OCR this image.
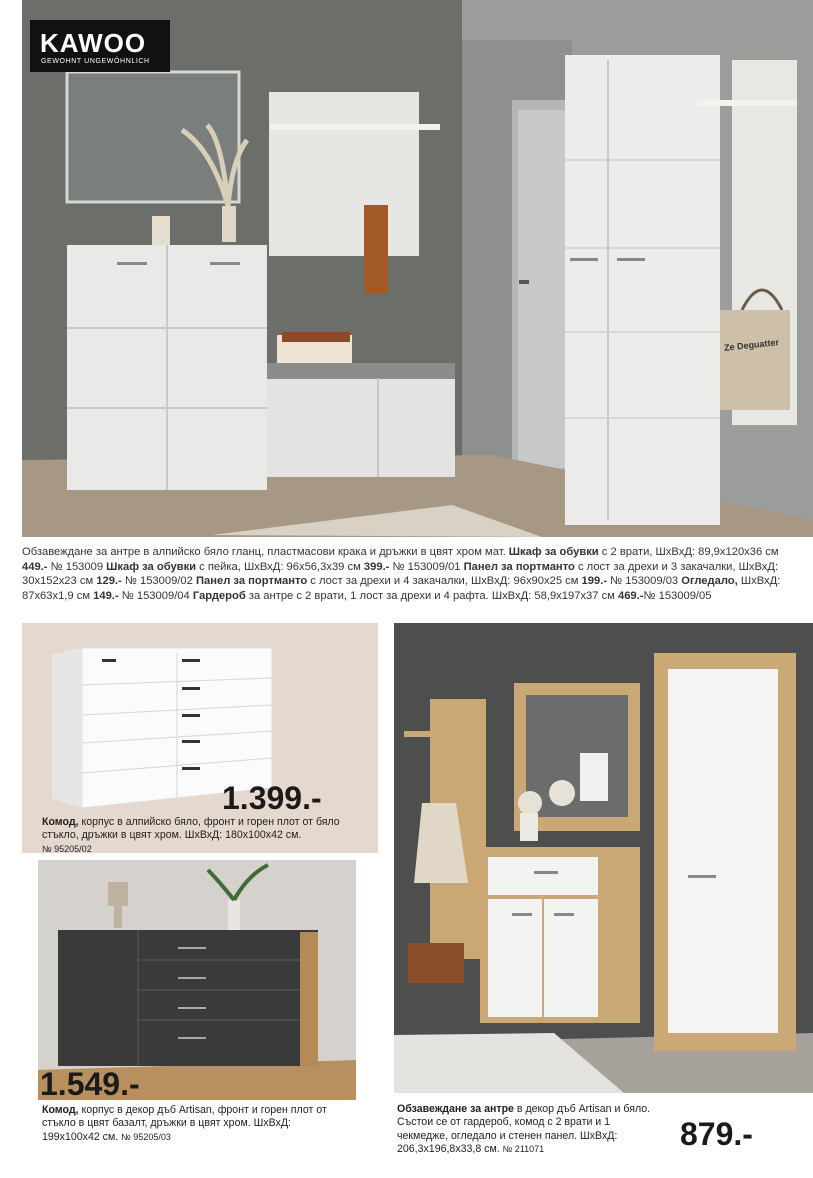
Ze Deguatter
KAWOO
GEWOHNT UNGEWÖHNLICH
Обзавеждане за антре в алпийско бяло гланц, пластмасови крака и дръжки в цвят хром мат. Шкаф за обувки с 2 врати, ШхВхД: 89,9x120x36 см 449.- № 153009 Шкаф за обувки с пейка, ШхВхД: 96х56,3х39 см 399.- № 153009/01 Панел за портманто с лост за дрехи и 3 закачалки, ШхВхД: 30х152х23 см 129.- № 153009/02 Панел за портманто с лост за дрехи и 4 закачалки, ШхВхД: 96х90х25 см 199.- № 153009/03 Огледало, ШхВхД: 87x63x1,9 см 149.- № 153009/04 Гардероб за антре с 2 врати, 1 лост за дрехи и 4 рафта. ШхВхД: 58,9x197x37 см 469.-№ 153009/05
1.399.-
Комод, корпус в алпийско бяло, фронт и горен плот от бяло стъкло, дръжки в цвят хром. ШхВхД: 180х100х42 см.
№ 95205/02
1.549.-
Комод, корпус в декор дъб Artisan, фронт и горен плот от стъкло в цвят базалт, дръжки в цвят хром. ШхВхД: 199х100х42 см. № 95205/03
Обзавеждане за антре в декор дъб Artisan и бяло. Състои се от гардероб, комод с 2 врати и 1 чекмедже, огледало и стенен панел. ШхВхД: 206,3x196,8x33,8 см. № 211071	879.-
